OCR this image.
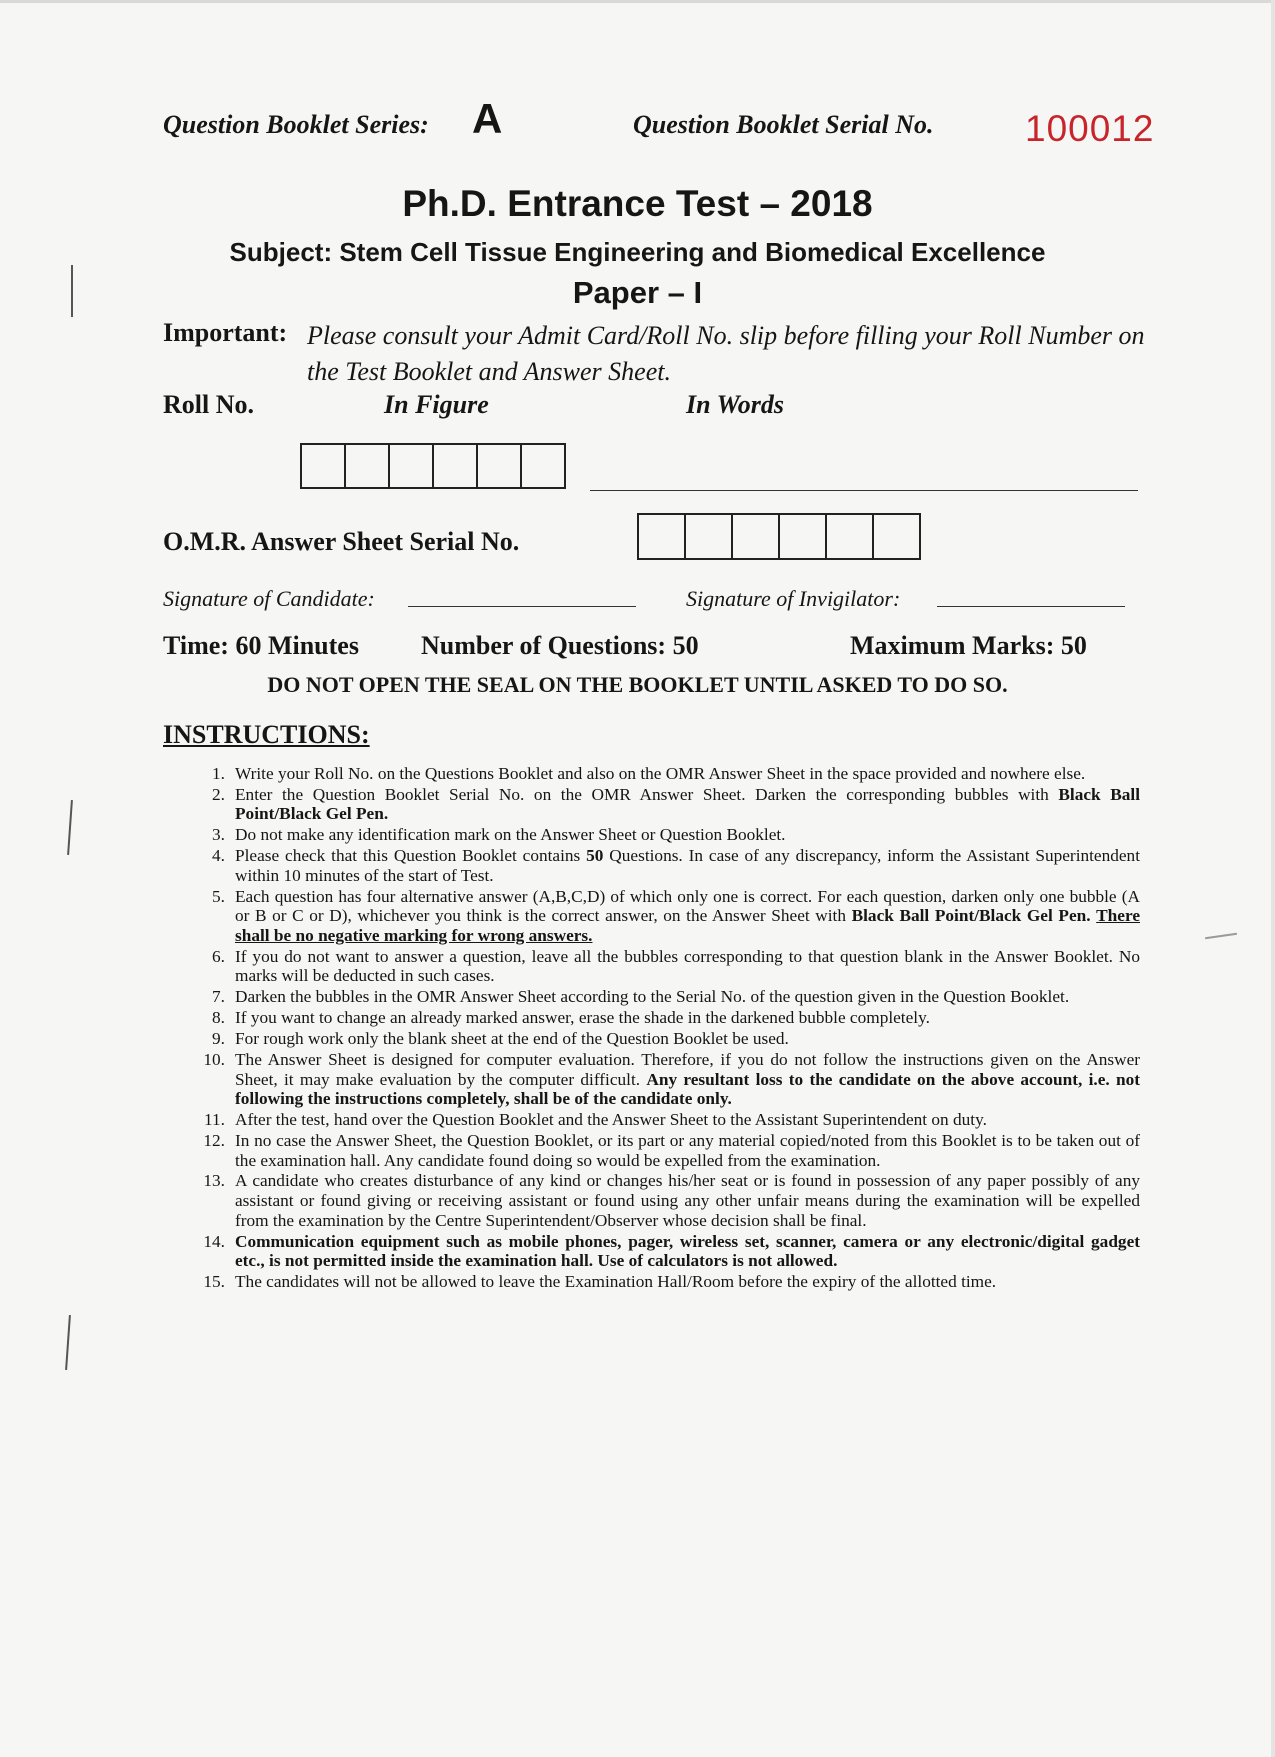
Question Booklet Series: A	Question Booklet Serial No. 100012
Ph.D. Entrance Test – 2018
Subject: Stem Cell Tissue Engineering and Biomedical Excellence
Paper – I
Important: Please consult your Admit Card/Roll No. slip before filling your Roll Number on the Test Booklet and Answer Sheet.
Roll No.	In Figure	In Words
O.M.R. Answer Sheet Serial No.
Signature of Candidate:	Signature of Invigilator:
Time: 60 Minutes Number of Questions: 50	Maximum Marks: 50
DO NOT OPEN THE SEAL ON THE BOOKLET UNTIL ASKED TO DO SO.
INSTRUCTIONS:
1. Write your Roll No. on the Questions Booklet and also on the OMR Answer Sheet in the space provided and nowhere else.
2. Enter the Question Booklet Serial No. on the OMR Answer Sheet. Darken the corresponding bubbles with Black Ball Point/Black Gel Pen.
3. Do not make any identification mark on the Answer Sheet or Question Booklet.
4. Please check that this Question Booklet contains 50 Questions. In case of any discrepancy, inform the Assistant Superintendent within 10 minutes of the start of Test.
5. Each question has four alternative answer (A,B,C,D) of which only one is correct. For each question, darken only one bubble (A or B or C or D), whichever you think is the correct answer, on the Answer Sheet with Black Ball Point/Black Gel Pen. There shall be no negative marking for wrong answers.
6. If you do not want to answer a question, leave all the bubbles corresponding to that question blank in the Answer Booklet. No marks will be deducted in such cases.
7. Darken the bubbles in the OMR Answer Sheet according to the Serial No. of the question given in the Question Booklet.
8. If you want to change an already marked answer, erase the shade in the darkened bubble completely.
9. For rough work only the blank sheet at the end of the Question Booklet be used.
10. The Answer Sheet is designed for computer evaluation. Therefore, if you do not follow the instructions given on the Answer Sheet, it may make evaluation by the computer difficult. Any resultant loss to the candidate on the above account, i.e. not following the instructions completely, shall be of the candidate only.
11. After the test, hand over the Question Booklet and the Answer Sheet to the Assistant Superintendent on duty.
12. In no case the Answer Sheet, the Question Booklet, or its part or any material copied/noted from this Booklet is to be taken out of the examination hall. Any candidate found doing so would be expelled from the examination.
13. A candidate who creates disturbance of any kind or changes his/her seat or is found in possession of any paper possibly of any assistant or found giving or receiving assistant or found using any other unfair means during the examination will be expelled from the examination by the Centre Superintendent/Observer whose decision shall be final.
14. Communication equipment such as mobile phones, pager, wireless set, scanner, camera or any electronic/digital gadget etc., is not permitted inside the examination hall. Use of calculators is not allowed.
15. The candidates will not be allowed to leave the Examination Hall/Room before the expiry of the allotted time.
